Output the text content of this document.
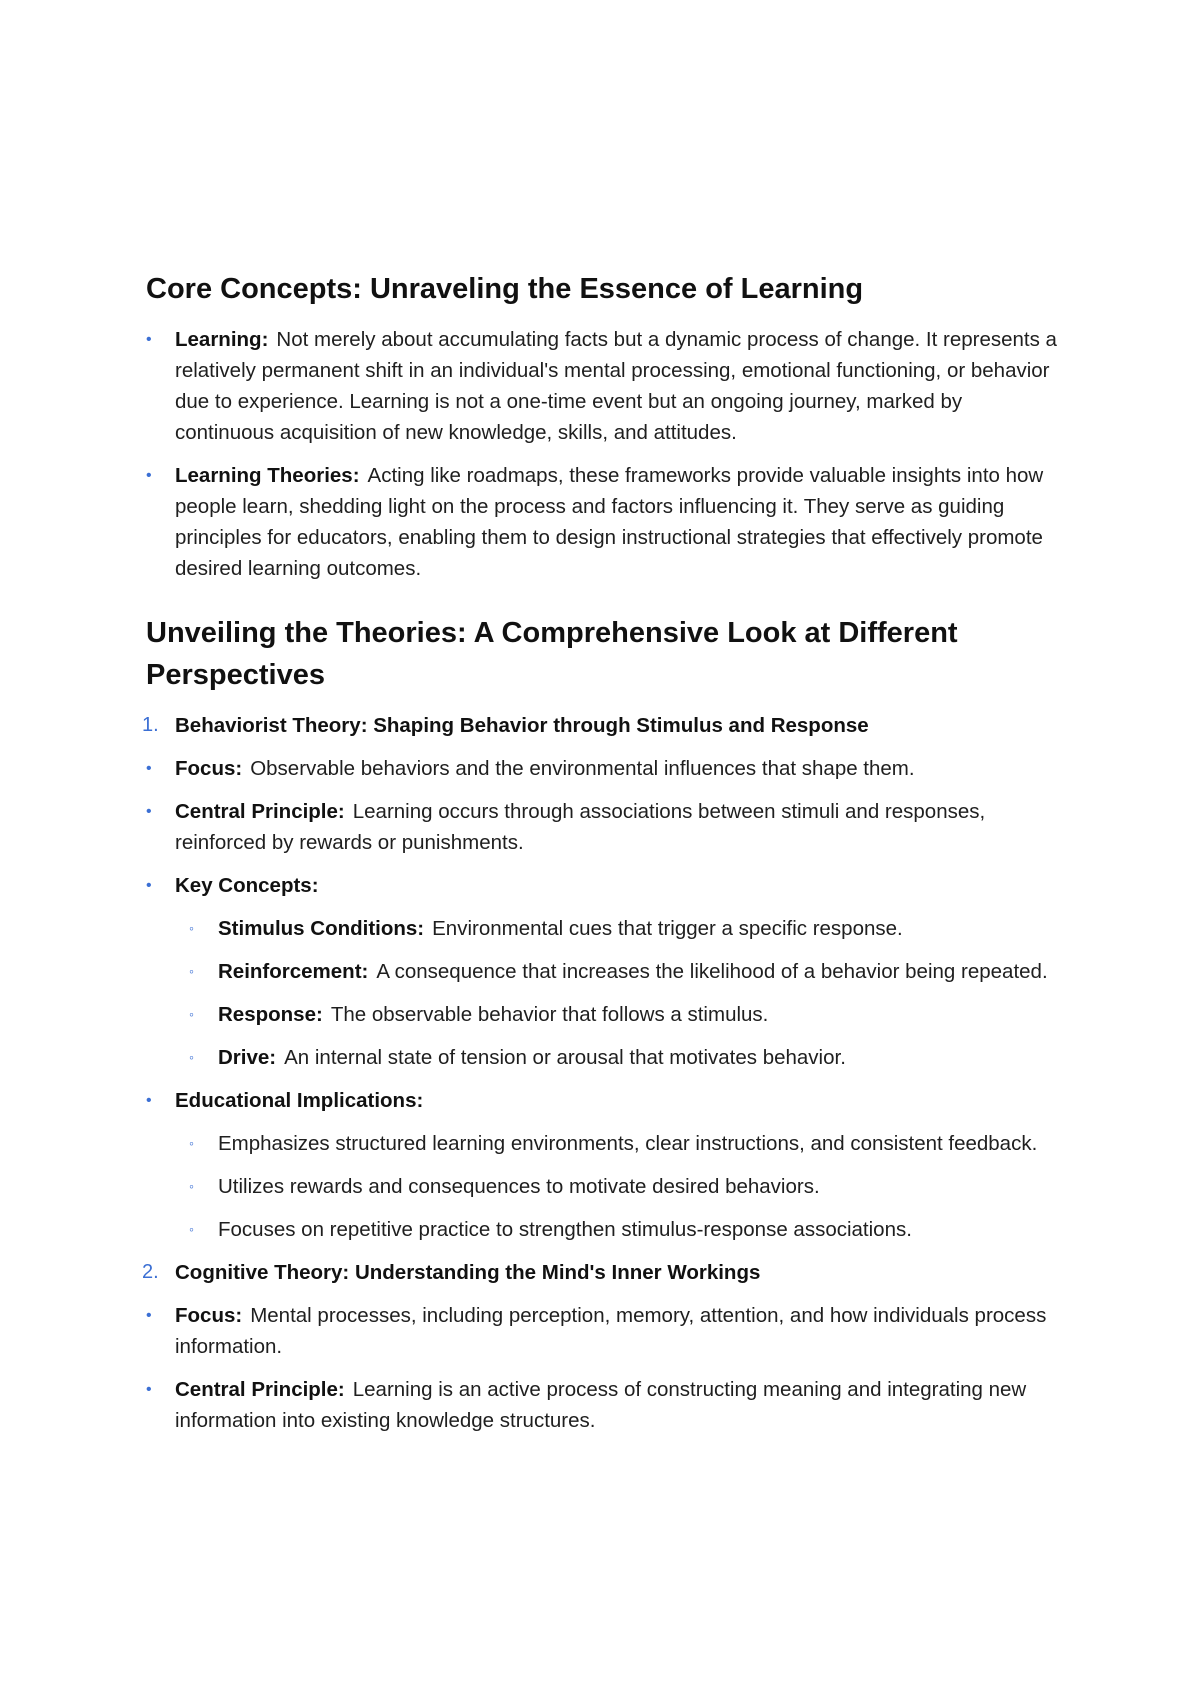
Core Concepts: Unraveling the Essence of Learning
• Learning: Not merely about accumulating facts but a dynamic process of change. It represents a relatively permanent shift in an individual's mental processing, emotional functioning, or behavior due to experience. Learning is not a one-time event but an ongoing journey, marked by continuous acquisition of new knowledge, skills, and attitudes.
• Learning Theories: Acting like roadmaps, these frameworks provide valuable insights into how people learn, shedding light on the process and factors influencing it. They serve as guiding principles for educators, enabling them to design instructional strategies that effectively promote desired learning outcomes.
Unveiling the Theories: A Comprehensive Look at Different Perspectives
1. Behaviorist Theory: Shaping Behavior through Stimulus and Response
• Focus: Observable behaviors and the environmental influences that shape them.
• Central Principle: Learning occurs through associations between stimuli and responses, reinforced by rewards or punishments.
• Key Concepts:
◦ Stimulus Conditions: Environmental cues that trigger a specific response.
◦ Reinforcement: A consequence that increases the likelihood of a behavior being repeated.
◦ Response: The observable behavior that follows a stimulus.
◦ Drive: An internal state of tension or arousal that motivates behavior.
• Educational Implications:
◦ Emphasizes structured learning environments, clear instructions, and consistent feedback.
◦ Utilizes rewards and consequences to motivate desired behaviors.
◦ Focuses on repetitive practice to strengthen stimulus-response associations.
2. Cognitive Theory: Understanding the Mind's Inner Workings
• Focus: Mental processes, including perception, memory, attention, and how individuals process information.
• Central Principle: Learning is an active process of constructing meaning and integrating new information into existing knowledge structures.
